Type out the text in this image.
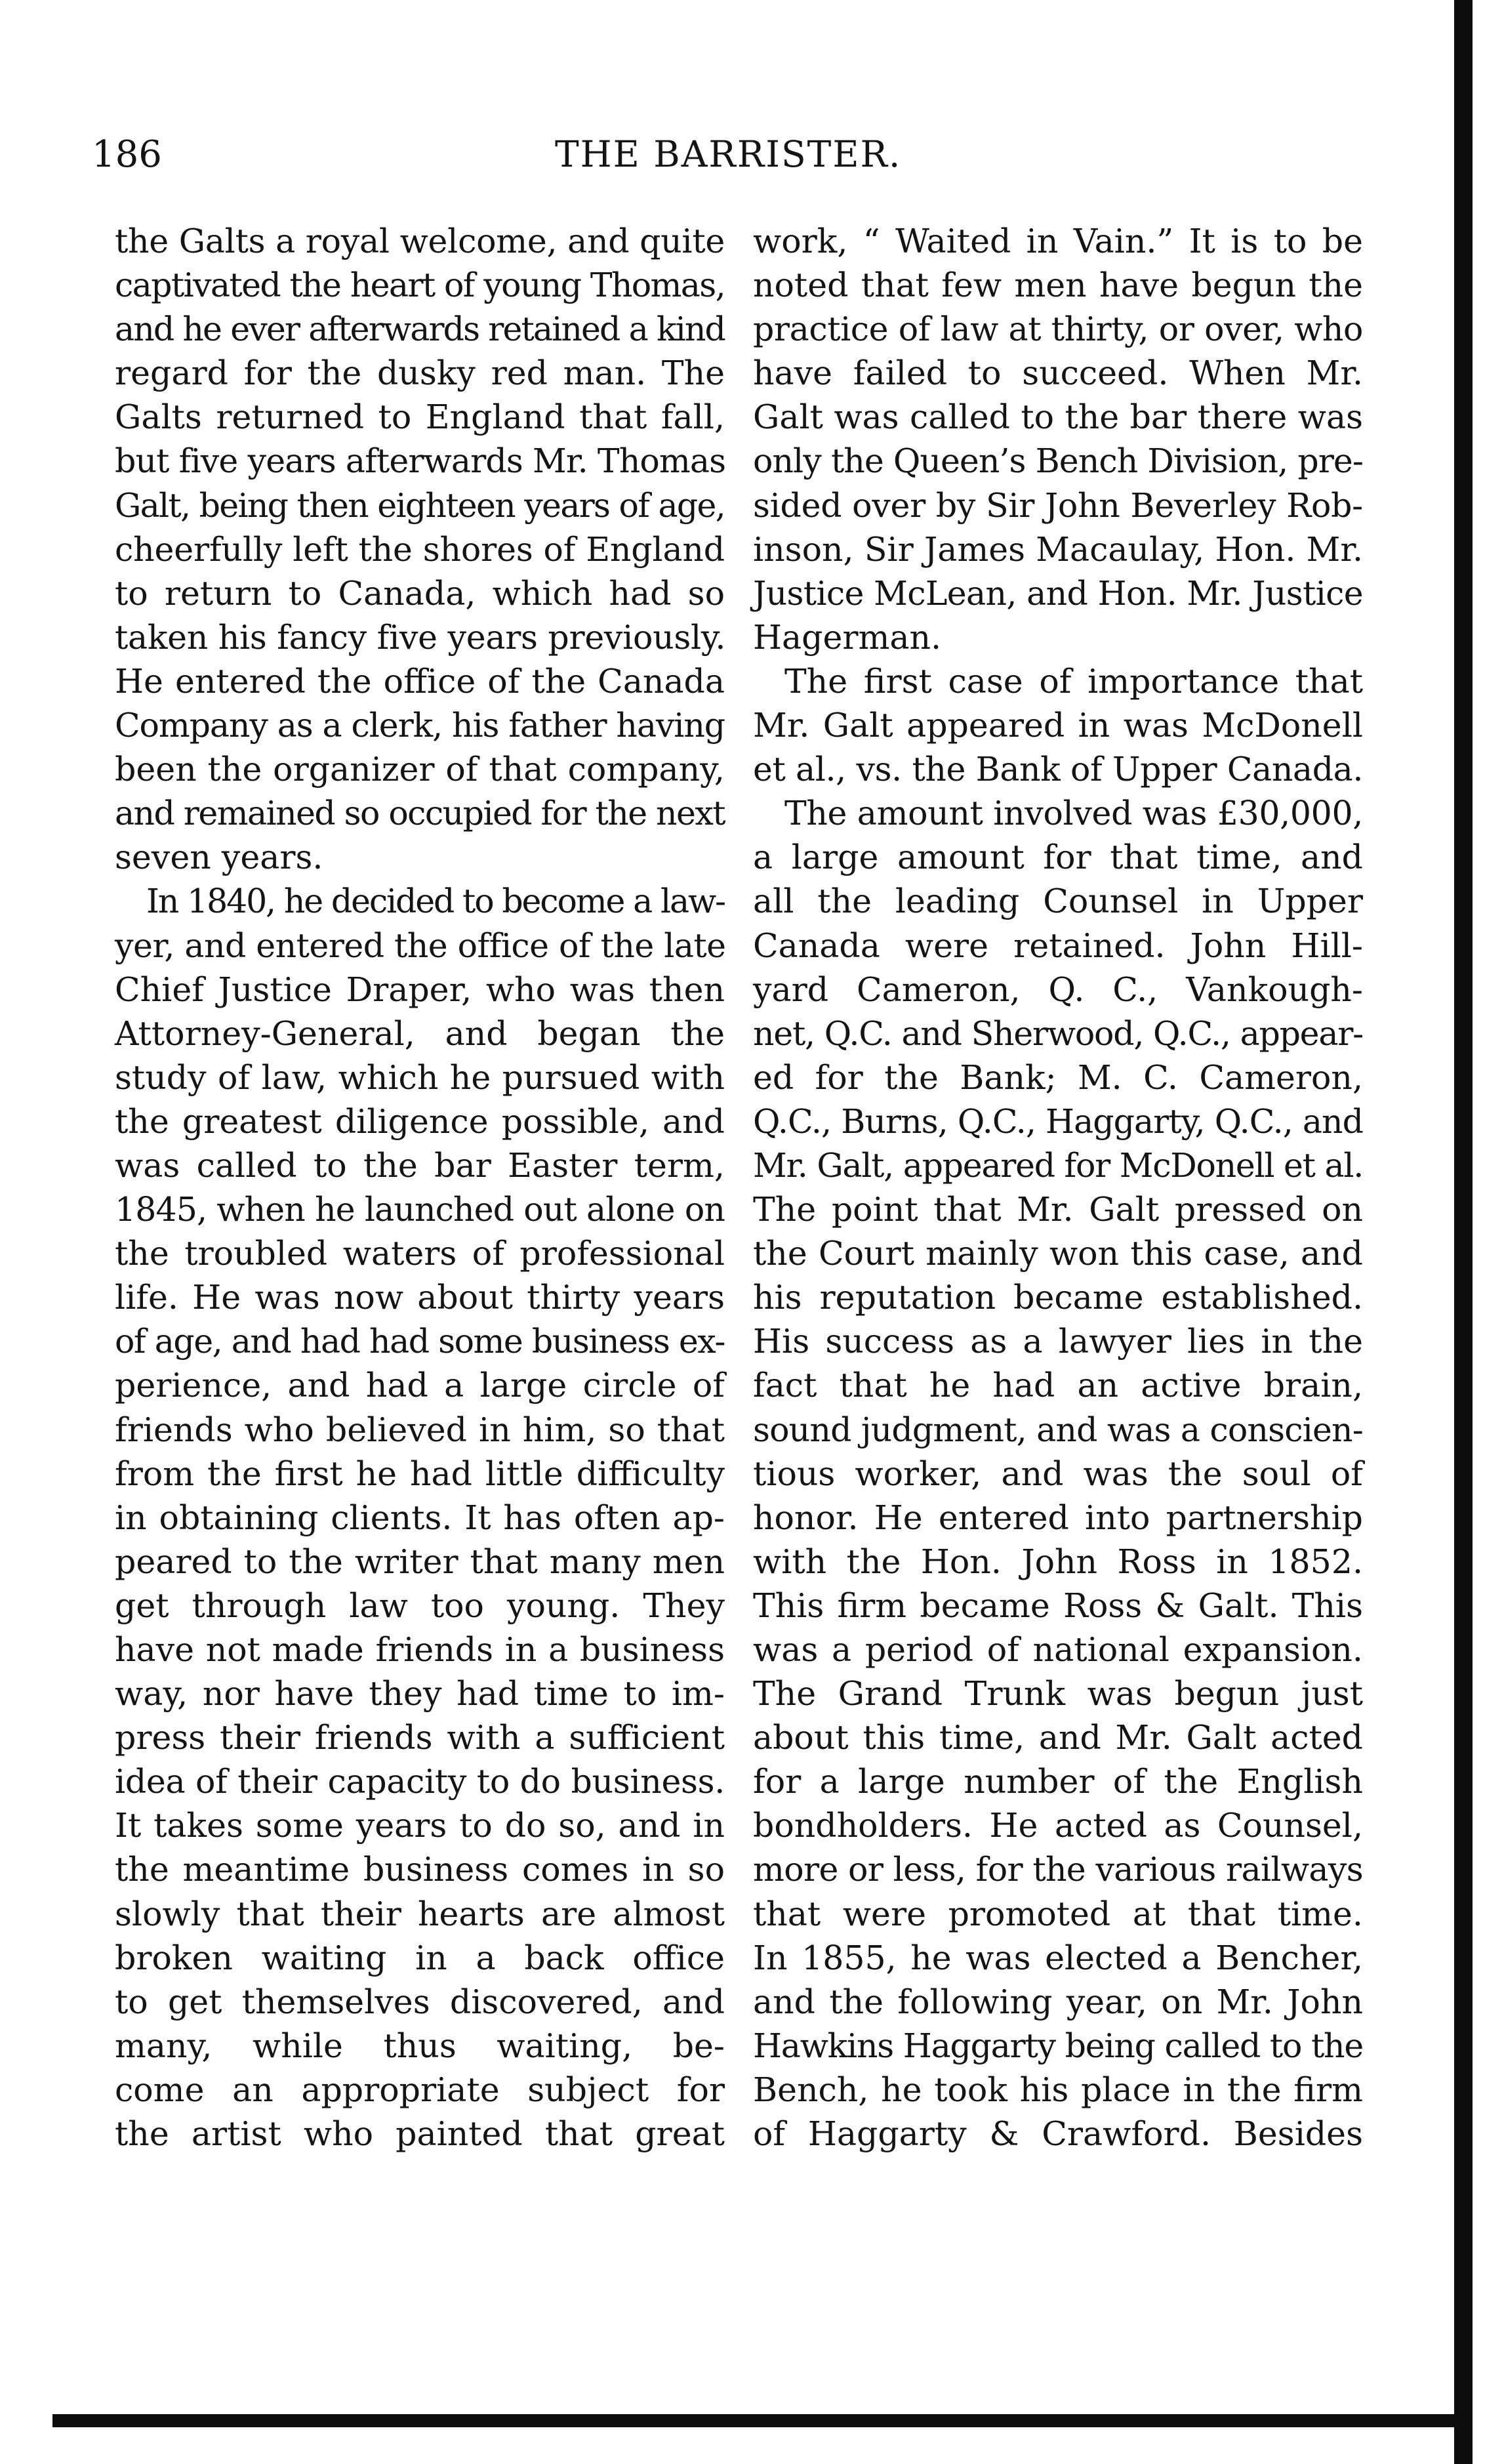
186	THE BARRISTER.
the Galts a royal welcome, and quite
captivated the heart of young Thomas,
and he ever afterwards retained a kind
regard for the dusky red man. The
Galts returned to England that fall,
but five years afterwards Mr. Thomas
Galt, being then eighteen years of age,
cheerfully left the shores of England
to return to Canada, which had so
taken his fancy five years previously.
He entered the office of the Canada
Company as a clerk, his father having
been the organizer of that company,
and remained so occupied for the next
seven years.
In 1840, he decided to become a law-
yer, and entered the office of the late
Chief Justice Draper, who was then
Attorney-General, and began the
study of law, which he pursued with
the greatest diligence possible, and
was called to the bar Easter term,
1845, when he launched out alone on
the troubled waters of professional
life. He was now about thirty years
of age, and had had some business ex-
perience, and had a large circle of
friends who believed in him, so that
from the first he had little difficulty
in obtaining clients. It has often ap-
peared to the writer that many men
get through law too young. They
have not made friends in a business
way, nor have they had time to im-
press their friends with a sufficient
idea of their capacity to do business.
It takes some years to do so, and in
the meantime business comes in so
slowly that their hearts are almost
broken waiting in a back office
to get themselves discovered, and
many, while thus waiting, be-
come an appropriate subject for
the artist who painted that great
work, “ Waited in Vain.” It is to be
noted that few men have begun the
practice of law at thirty, or over, who
have failed to succeed. When Mr.
Galt was called to the bar there was
only the Queen’s Bench Division, pre-
sided over by Sir John Beverley Rob-
inson, Sir James Macaulay, Hon. Mr.
Justice McLean, and Hon. Mr. Justice
Hagerman.
The first case of importance that
Mr. Galt appeared in was McDonell
et al., vs. the Bank of Upper Canada.
The amount involved was £30,000,
a large amount for that time, and
all the leading Counsel in Upper
Canada were retained. John Hill-
yard Cameron, Q. C., Vankough-
net, Q.C. and Sherwood, Q.C., appear-
ed for the Bank; M. C. Cameron,
Q.C., Burns, Q.C., Haggarty, Q.C., and
Mr. Galt, appeared for McDonell et al.
The point that Mr. Galt pressed on
the Court mainly won this case, and
his reputation became established.
His success as a lawyer lies in the
fact that he had an active brain,
sound judgment, and was a conscien-
tious worker, and was the soul of
honor. He entered into partnership
with the Hon. John Ross in 1852.
This firm became Ross & Galt. This
was a period of national expansion.
The Grand Trunk was begun just
about this time, and Mr. Galt acted
for a large number of the English
bondholders. He acted as Counsel,
more or less, for the various railways
that were promoted at that time.
In 1855, he was elected a Bencher,
and the following year, on Mr. John
Hawkins Haggarty being called to the
Bench, he took his place in the firm
of Haggarty & Crawford. Besides
